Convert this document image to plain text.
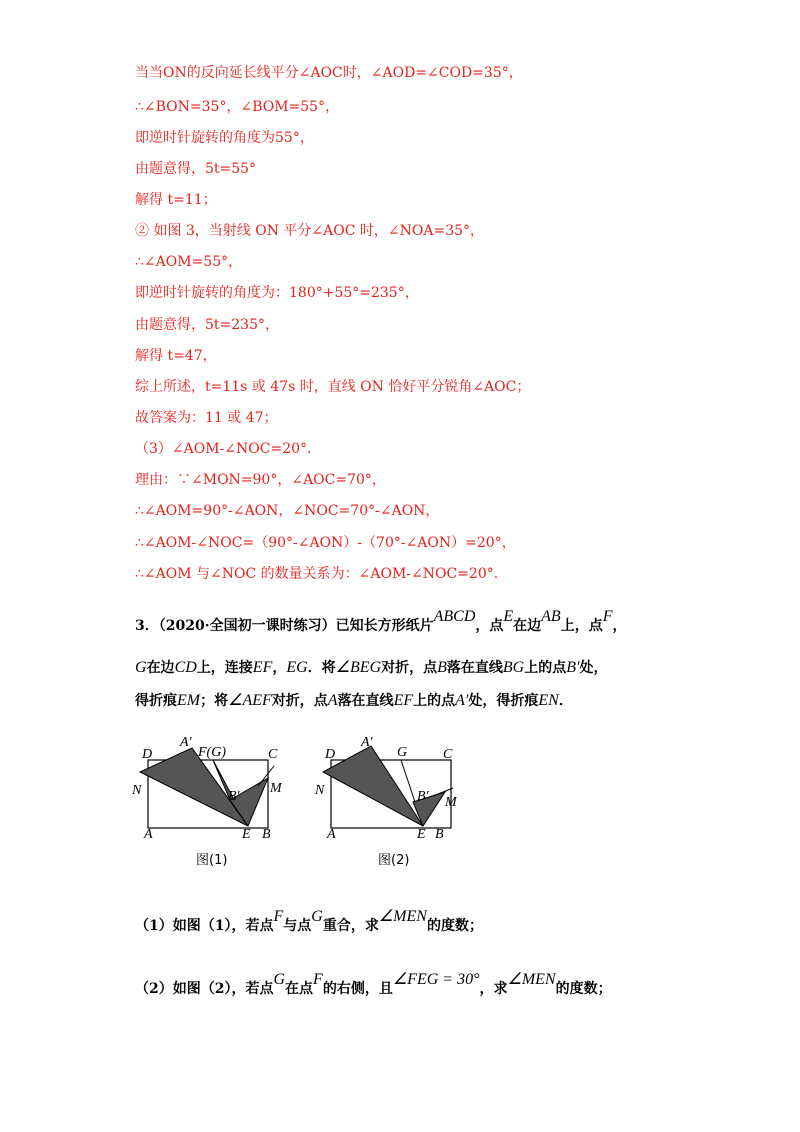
当当ON的反向延长线平分∠AOC时，∠AOD=∠COD=35°，
∴∠BON=35°，∠BOM=55°，
即逆时针旋转的角度为55°，
由题意得，5t=55°
解得 t=11；
② 如图 3，当射线 ON 平分∠AOC 时，∠NOA=35°，
∴∠AOM=55°，
即逆时针旋转的角度为：180°+55°=235°，
由题意得，5t=235°，
解得 t=47，
综上所述，t=11s 或 47s 时，直线 ON 恰好平分锐角∠AOC；
故答案为：11 或 47；
（3）∠AOM-∠NOC=20°.
理由：∵∠MON=90°，∠AOC=70°，
∴∠AOM=90°-∠AON，∠NOC=70°-∠AON，
∴∠AOM-∠NOC=（90°-∠AON）-（70°-∠AON）=20°，
∴∠AOM 与∠NOC 的数量关系为：∠AOM-∠NOC=20°.
3．（2020·全国初一课时练习）已知长方形纸片ABCD，点E在边AB上，点F，
G在边CD上，连接EF，EG．将∠BEG对折，点B落在直线BG上的点B′处，
得折痕EM；将∠AEF对折，点A落在直线EF上的点A′处，得折痕EN．
D
A′
F(G)	C
N	B′
M
A	E B
图(1)
D
A′
G	C
N	B′ M
A	E B
图(2)
（1）如图（1），若点F与点G重合，求∠MEN的度数；
（2）如图（2），若点G在点F的右侧，且∠FEG = 30°，求∠MEN的度数；
